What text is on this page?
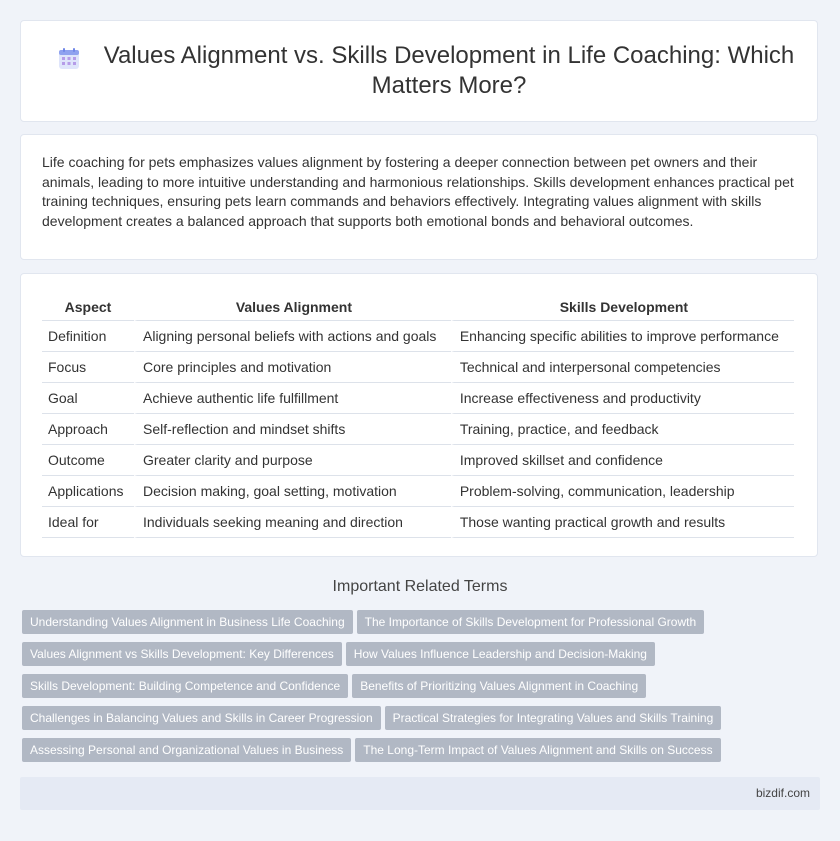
Values Alignment vs. Skills Development in Life Coaching: Which Matters More?

Life coaching for pets emphasizes values alignment by fostering a deeper connection between pet owners and their animals, leading to more intuitive understanding and harmonious relationships. Skills development enhances practical pet training techniques, ensuring pets learn commands and behaviors effectively. Integrating values alignment with skills development creates a balanced approach that supports both emotional bonds and behavioral outcomes.

Aspect	Values Alignment	Skills Development
Definition	Aligning personal beliefs with actions and goals	Enhancing specific abilities to improve performance
Focus	Core principles and motivation	Technical and interpersonal competencies
Goal	Achieve authentic life fulfillment	Increase effectiveness and productivity
Approach	Self-reflection and mindset shifts	Training, practice, and feedback
Outcome	Greater clarity and purpose	Improved skillset and confidence
Applications	Decision making, goal setting, motivation	Problem-solving, communication, leadership
Ideal for	Individuals seeking meaning and direction	Those wanting practical growth and results
Important Related Terms
Understanding Values Alignment in Business Life Coaching The Importance of Skills Development for Professional Growth Values Alignment vs Skills Development: Key Differences How Values Influence Leadership and Decision-Making Skills Development: Building Competence and Confidence Benefits of Prioritizing Values Alignment in Coaching Challenges in Balancing Values and Skills in Career Progression Practical Strategies for Integrating Values and Skills Training Assessing Personal and Organizational Values in Business The Long-Term Impact of Values Alignment and Skills on Success
bizdif.com
